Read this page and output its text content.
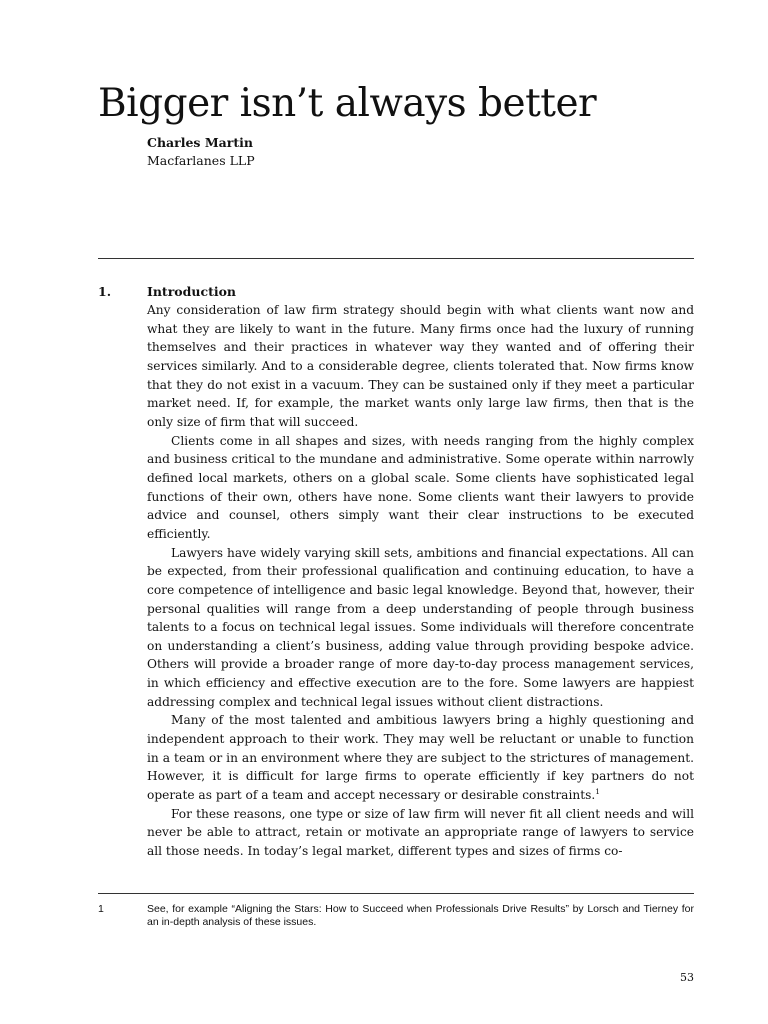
Bigger isn’t always better
Charles Martin
Macfarlanes LLP
1.	Introduction

Any consideration of law firm strategy should begin with what clients want now and what they are likely to want in the future. Many firms once had the luxury of running themselves and their practices in whatever way they wanted and of offering their services similarly. And to a considerable degree, clients tolerated that. Now firms know that they do not exist in a vacuum. They can be sustained only if they meet a particular market need. If, for example, the market wants only large law firms, then that is the only size of firm that will succeed.

Clients come in all shapes and sizes, with needs ranging from the highly complex and business critical to the mundane and administrative. Some operate within narrowly defined local markets, others on a global scale. Some clients have sophisticated legal functions of their own, others have none. Some clients want their lawyers to provide advice and counsel, others simply want their clear instructions to be executed efficiently.

Lawyers have widely varying skill sets, ambitions and financial expectations. All can be expected, from their professional qualification and continuing education, to have a core competence of intelligence and basic legal knowledge. Beyond that, however, their personal qualities will range from a deep understanding of people through business talents to a focus on technical legal issues. Some individuals will therefore concentrate on understanding a client’s business, adding value through providing bespoke advice. Others will provide a broader range of more day-to-day process management services, in which efficiency and effective execution are to the fore. Some lawyers are happiest addressing complex and technical legal issues without client distractions.

Many of the most talented and ambitious lawyers bring a highly questioning and independent approach to their work. They may well be reluctant or unable to function in a team or in an environment where they are subject to the strictures of management. However, it is difficult for large firms to operate efficiently if key partners do not operate as part of a team and accept necessary or desirable constraints.$^1$

For these reasons, one type or size of law firm will never fit all client needs and will never be able to attract, retain or motivate an appropriate range of lawyers to service all those needs. In today’s legal market, different types and sizes of firms co-

1	See, for example “Aligning the Stars: How to Succeed when Professionals Drive Results” by Lorsch and Tierney for an in-depth analysis of these issues.
53
